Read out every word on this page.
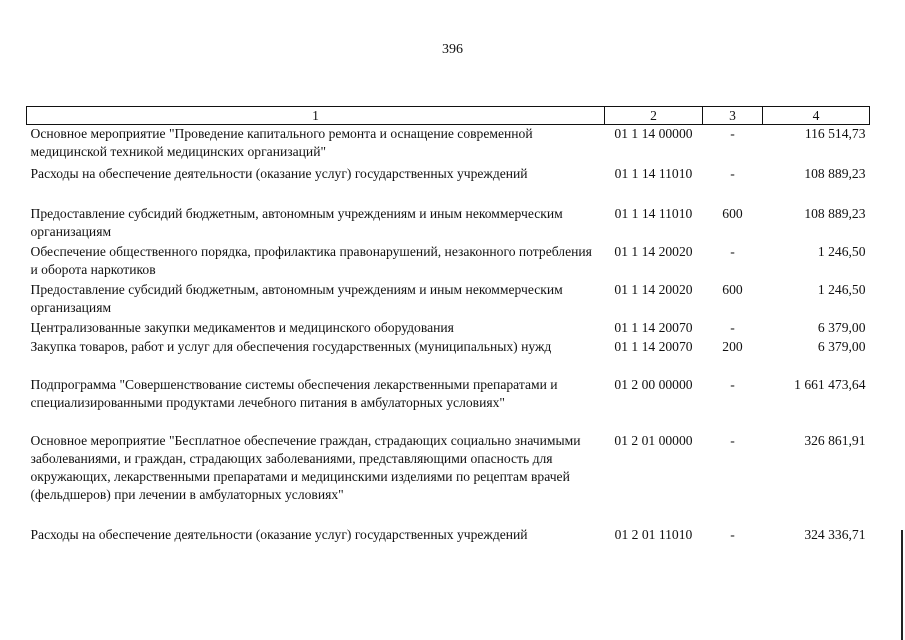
396
1	2	3	4
Основное мероприятие "Проведение капитального ремонта и оснащение современной медицинской техникой медицинских организаций"	01 1 14 00000	-	116 514,73
Расходы на обеспечение деятельности (оказание услуг) государственных учреждений	01 1 14 11010	-	108 889,23
Предоставление субсидий бюджетным, автономным учреждениям и иным некоммерческим организациям	01 1 14 11010	600	108 889,23
Обеспечение общественного порядка, профилактика правонарушений, незаконного потребления и оборота наркотиков	01 1 14 20020	-	1 246,50
Предоставление субсидий бюджетным, автономным учреждениям и иным некоммерческим организациям	01 1 14 20020	600	1 246,50
Централизованные закупки медикаментов и медицинского оборудования	01 1 14 20070	-	6 379,00
Закупка товаров, работ и услуг для обеспечения государственных (муниципальных) нужд	01 1 14 20070	200	6 379,00
Подпрограмма "Совершенствование системы обеспечения лекарственными препаратами и специализированными продуктами лечебного питания в амбулаторных условиях"	01 2 00 00000	-	1 661 473,64
Основное мероприятие "Бесплатное обеспечение граждан, страдающих социально значимыми заболеваниями, и граждан, страдающих заболеваниями, представляющими опасность для окружающих, лекарственными препаратами и медицинскими изделиями по рецептам врачей (фельдшеров) при лечении в амбулаторных условиях"	01 2 01 00000	-	326 861,91
Расходы на обеспечение деятельности (оказание услуг) государственных учреждений	01 2 01 11010	-	324 336,71
